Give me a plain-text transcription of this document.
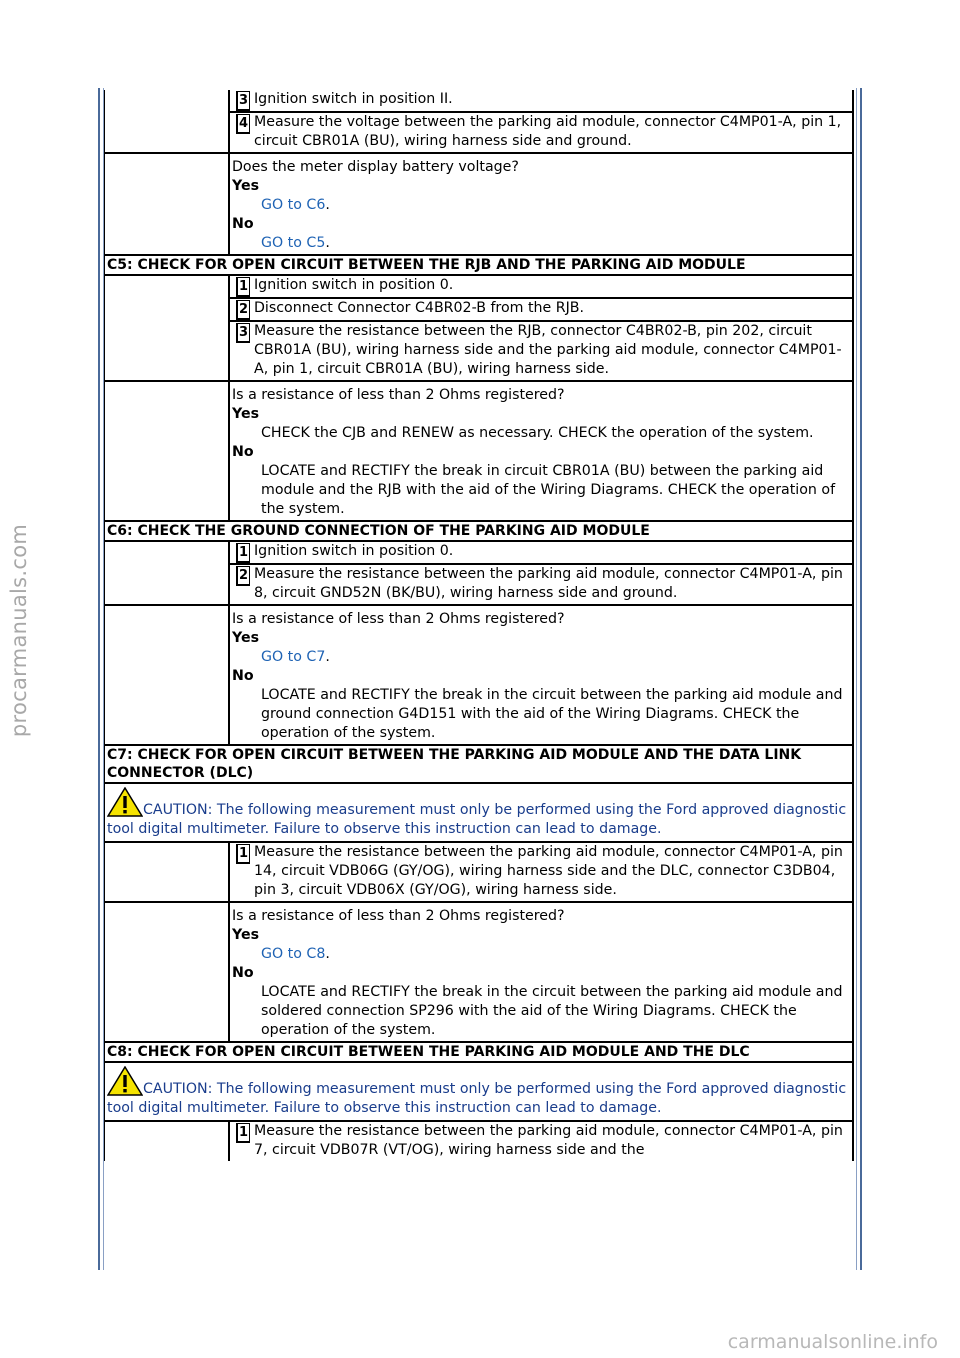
procarmanuals.com
3 Ignition switch in position II.
4 Measure the voltage between the parking aid module, connector C4MP01-A, pin 1, circuit CBR01A (BU), wiring harness side and ground.
Does the meter display battery voltage?
Yes
GO to C6.
No
GO to C5.
C5: CHECK FOR OPEN CIRCUIT BETWEEN THE RJB AND THE PARKING AID MODULE
1 Ignition switch in position 0.
2 Disconnect Connector C4BR02-B from the RJB.
3 Measure the resistance between the RJB, connector C4BR02-B, pin 202, circuit CBR01A (BU), wiring harness side and the parking aid module, connector C4MP01-A, pin 1, circuit CBR01A (BU), wiring harness side.
Is a resistance of less than 2 Ohms registered?
Yes
CHECK the CJB and RENEW as necessary. CHECK the operation of the system.
No
LOCATE and RECTIFY the break in circuit CBR01A (BU) between the parking aid module and the RJB with the aid of the Wiring Diagrams. CHECK the operation of the system.
C6: CHECK THE GROUND CONNECTION OF THE PARKING AID MODULE
1 Ignition switch in position 0.
2 Measure the resistance between the parking aid module, connector C4MP01-A, pin 8, circuit GND52N (BK/BU), wiring harness side and ground.
Is a resistance of less than 2 Ohms registered?
Yes
GO to C7.
No
LOCATE and RECTIFY the break in the circuit between the parking aid module and ground connection G4D151 with the aid of the Wiring Diagrams. CHECK the operation of the system.
C7: CHECK FOR OPEN CIRCUIT BETWEEN THE PARKING AID MODULE AND THE DATA LINK CONNECTOR (DLC)
CAUTION: The following measurement must only be performed using the Ford approved diagnostic tool digital multimeter. Failure to observe this instruction can lead to damage.
1 Measure the resistance between the parking aid module, connector C4MP01-A, pin 14, circuit VDB06G (GY/OG), wiring harness side and the DLC, connector C3DB04, pin 3, circuit VDB06X (GY/OG), wiring harness side.
Is a resistance of less than 2 Ohms registered?
Yes
GO to C8.
No
LOCATE and RECTIFY the break in the circuit between the parking aid module and soldered connection SP296 with the aid of the Wiring Diagrams. CHECK the operation of the system.
C8: CHECK FOR OPEN CIRCUIT BETWEEN THE PARKING AID MODULE AND THE DLC
CAUTION: The following measurement must only be performed using the Ford approved diagnostic tool digital multimeter. Failure to observe this instruction can lead to damage.
1 Measure the resistance between the parking aid module, connector C4MP01-A, pin 7, circuit VDB07R (VT/OG), wiring harness side and the
carmanualsonline.info
